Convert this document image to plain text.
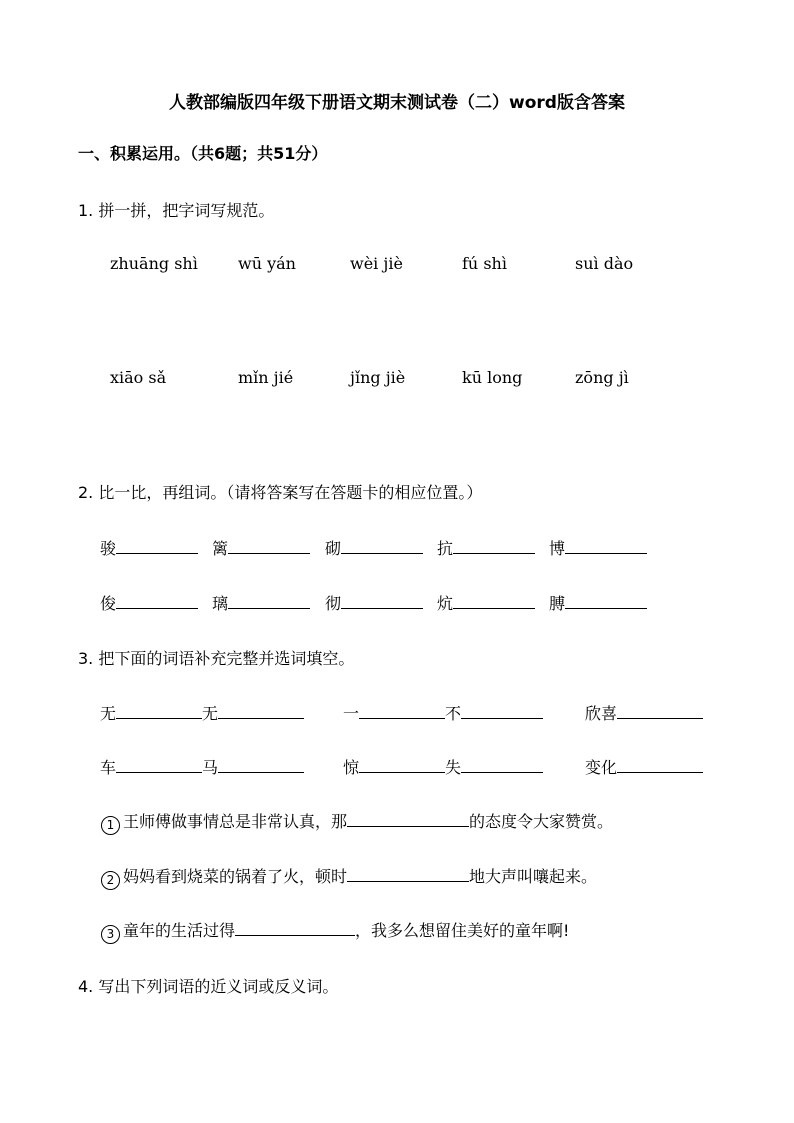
人教部编版四年级下册语文期末测试卷（二）word版含答案
一、积累运用。（共6题；共51分）
1. 拼一拼，把字词写规范。
zhuāng shì	wū yán	wèi jiè	fú shì	suì dào
xiāo sǎ	mǐn jié	jǐng jiè	kū long	zōng jì
2. 比一比，再组词。（请将答案写在答题卡的相应位置。）
骏	篱	砌	抗	博
俊	璃	彻	炕	膊
3. 把下面的词语补充完整并选词填空。
无	无	一	不	欣喜
车	马	惊	失	变化
1 王师傅做事情总是非常认真，那	的态度令大家赞赏。
2 妈妈看到烧菜的锅着了火，顿时	地大声叫嚷起来。
3 童年的生活过得	，我多么想留住美好的童年啊!
4. 写出下列词语的近义词或反义词。
